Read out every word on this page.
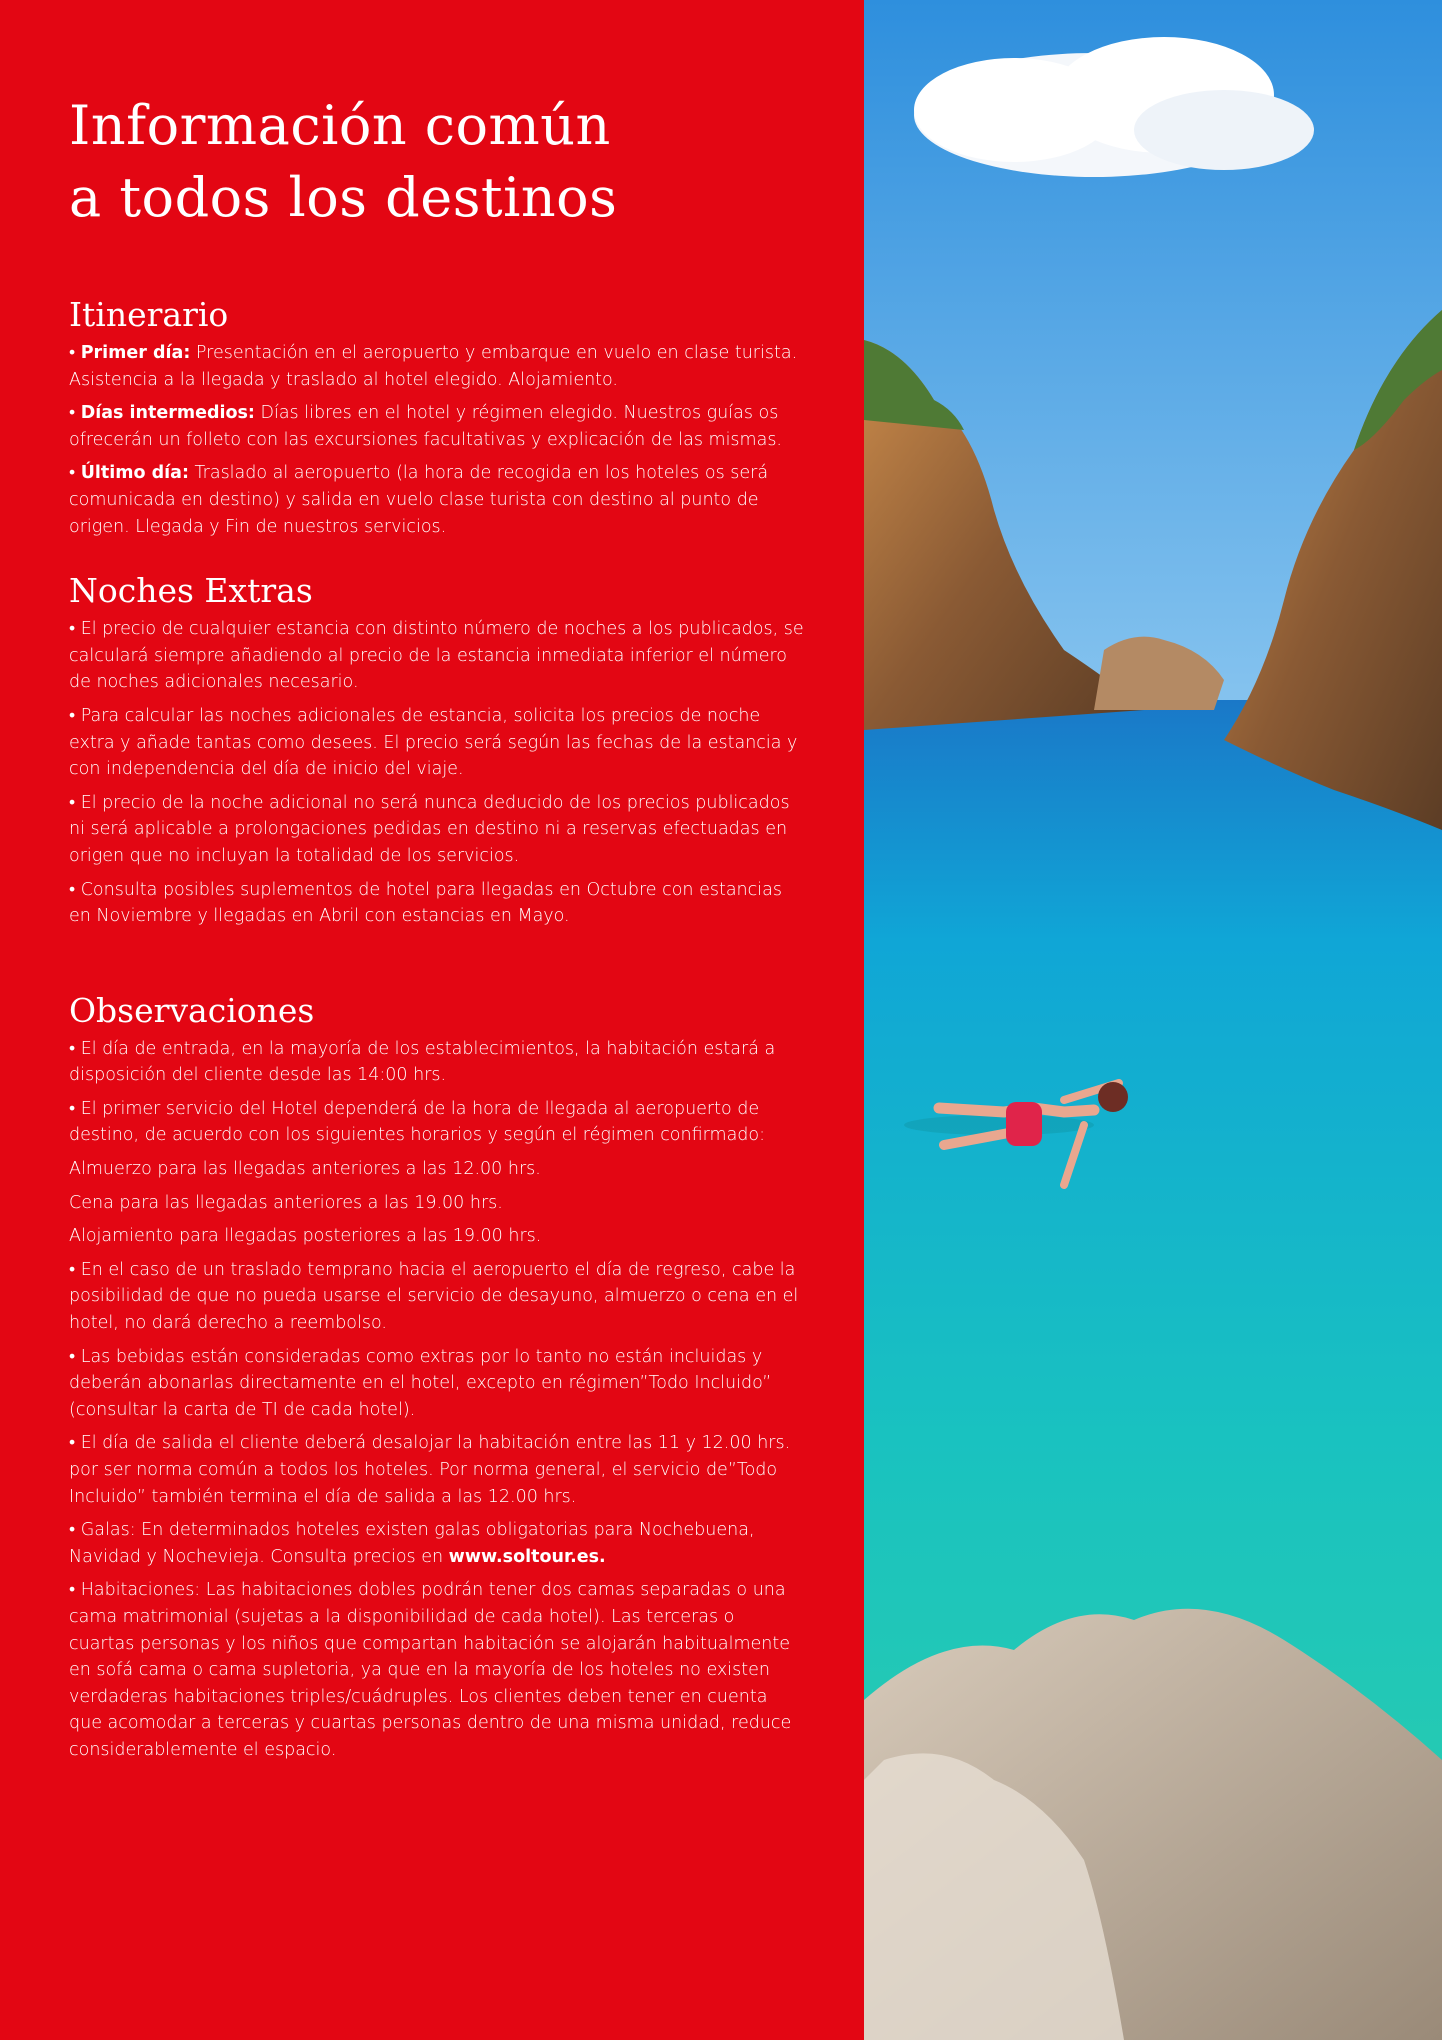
Información común
a todos los destinos
Itinerario

• Primer día: Presentación en el aeropuerto y embarque en vuelo en clase turista. Asistencia a la llegada y traslado al hotel elegido. Alojamiento.

• Días intermedios: Días libres en el hotel y régimen elegido. Nuestros guías os ofrecerán un folleto con las excursiones facultativas y explicación de las mismas.

• Último día: Traslado al aeropuerto (la hora de recogida en los hoteles os será comunicada en destino) y salida en vuelo clase turista con destino al punto de origen. Llegada y Fin de nuestros servicios.

Noches Extras

• El precio de cualquier estancia con distinto número de noches a los publicados, se calculará siempre añadiendo al precio de la estancia inmediata inferior el número de noches adicionales necesario.

• Para calcular las noches adicionales de estancia, solicita los precios de noche extra y añade tantas como desees. El precio será según las fechas de la estancia y con independencia del día de inicio del viaje.

• El precio de la noche adicional no será nunca deducido de los precios publicados ni será aplicable a prolongaciones pedidas en destino ni a reservas efectuadas en origen que no incluyan la totalidad de los servicios.

• Consulta posibles suplementos de hotel para llegadas en Octubre con estancias en Noviembre y llegadas en Abril con estancias en Mayo.

Observaciones

• El día de entrada, en la mayoría de los establecimientos, la habitación estará a disposición del cliente desde las 14:00 hrs.

• El primer servicio del Hotel dependerá de la hora de llegada al aeropuerto de destino, de acuerdo con los siguientes horarios y según el régimen confirmado:

Almuerzo para las llegadas anteriores a las 12.00 hrs.

Cena para las llegadas anteriores a las 19.00 hrs.

Alojamiento para llegadas posteriores a las 19.00 hrs.

• En el caso de un traslado temprano hacia el aeropuerto el día de regreso, cabe la posibilidad de que no pueda usarse el servicio de desayuno, almuerzo o cena en el hotel, no dará derecho a reembolso.

• Las bebidas están consideradas como extras por lo tanto no están incluidas y deberán abonarlas directamente en el hotel, excepto en régimen”Todo Incluido” (consultar la carta de TI de cada hotel).

• El día de salida el cliente deberá desalojar la habitación entre las 11 y 12.00 hrs. por ser norma común a todos los hoteles. Por norma general, el servicio de”Todo Incluido” también termina el día de salida a las 12.00 hrs.

• Galas: En determinados hoteles existen galas obligatorias para Nochebuena, Navidad y Nochevieja. Consulta precios en www.soltour.es.

• Habitaciones: Las habitaciones dobles podrán tener dos camas separadas o una cama matrimonial (sujetas a la disponibilidad de cada hotel). Las terceras o cuartas personas y los niños que compartan habitación se alojarán habitualmente en sofá cama o cama supletoria, ya que en la mayoría de los hoteles no existen verdaderas habitaciones triples/cuádruples. Los clientes deben tener en cuenta que acomodar a terceras y cuartas personas dentro de una misma unidad, reduce considerablemente el espacio.
